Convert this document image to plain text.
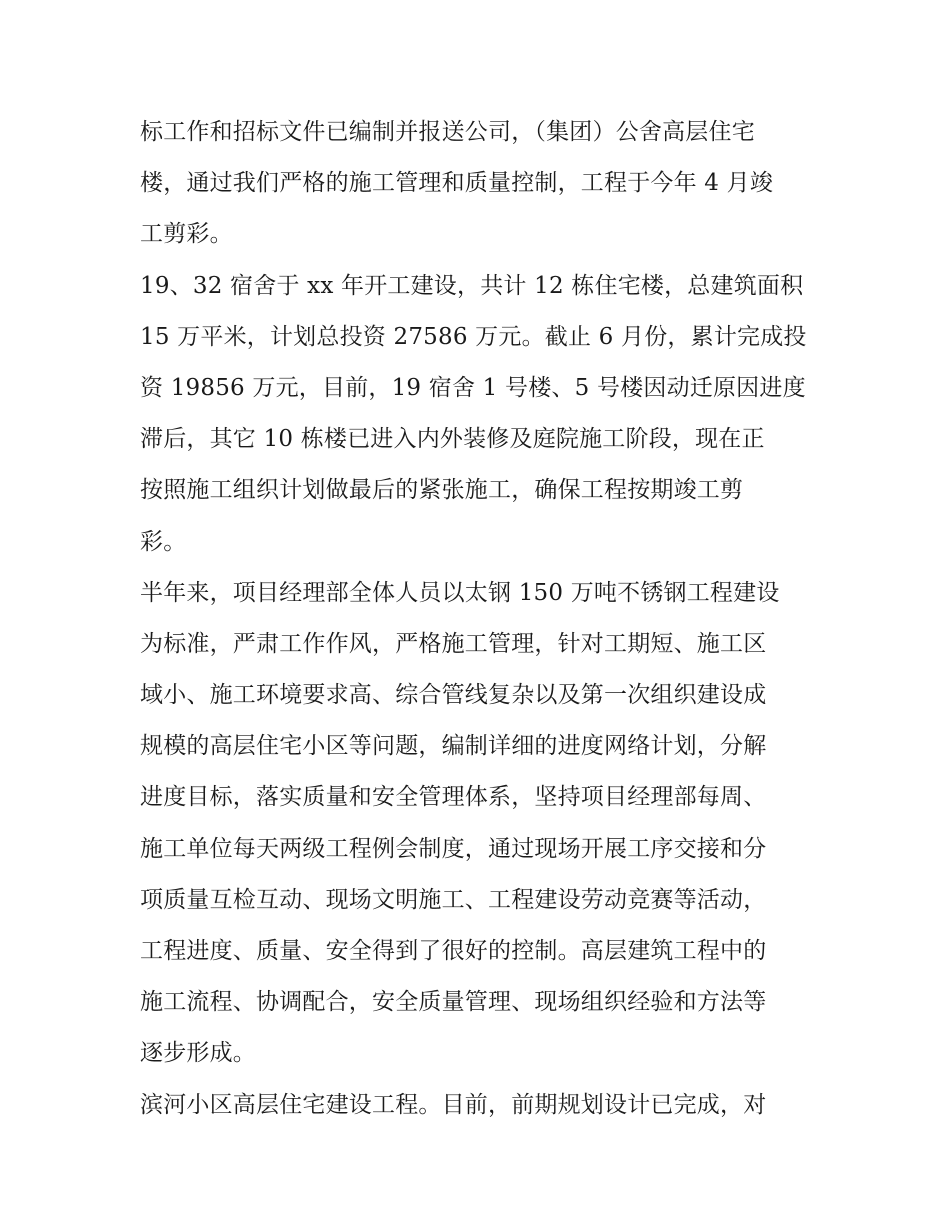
标工作和招标文件已编制并报送公司，（集团）公舍高层住宅
楼，通过我们严格的施工管理和质量控制，工程于今年 4 月竣
工剪彩。
19、32 宿舍于 xx 年开工建设，共计 12 栋住宅楼，总建筑面积
15 万平米，计划总投资 27586 万元。截止 6 月份，累计完成投
资 19856 万元，目前，19 宿舍 1 号楼、5 号楼因动迁原因进度
滞后，其它 10 栋楼已进入内外装修及庭院施工阶段，现在正
按照施工组织计划做最后的紧张施工，确保工程按期竣工剪
彩。
半年来，项目经理部全体人员以太钢 150 万吨不锈钢工程建设
为标准，严肃工作作风，严格施工管理，针对工期短、施工区
域小、施工环境要求高、综合管线复杂以及第一次组织建设成
规模的高层住宅小区等问题，编制详细的进度网络计划，分解
进度目标，落实质量和安全管理体系，坚持项目经理部每周、
施工单位每天两级工程例会制度，通过现场开展工序交接和分
项质量互检互动、现场文明施工、工程建设劳动竞赛等活动，
工程进度、质量、安全得到了很好的控制。高层建筑工程中的
施工流程、协调配合，安全质量管理、现场组织经验和方法等
逐步形成。
滨河小区高层住宅建设工程。目前，前期规划设计已完成，对
